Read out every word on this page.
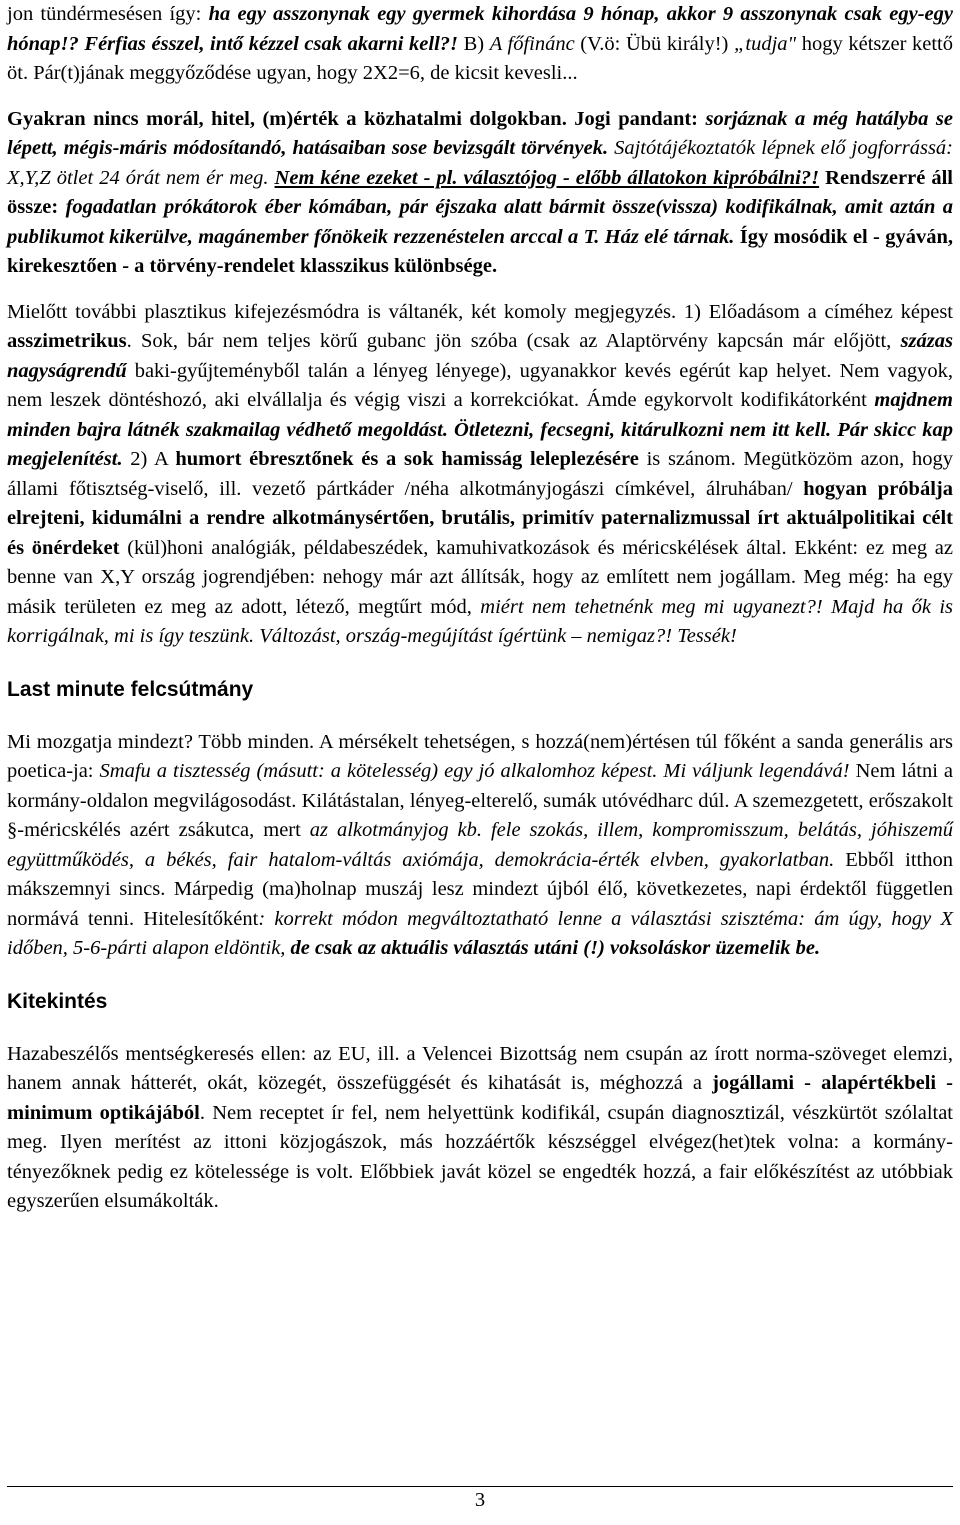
jon tündérmesésen így: ha egy asszonynak egy gyermek kihordása 9 hónap, akkor 9 asszonynak csak egy-egy hónap!? Férfias ésszel, intő kézzel csak akarni kell?! B) A főfinánc (V.ö: Übü király!) „tudja" hogy kétszer kettő öt. Pár(t)jának meggyőződése ugyan, hogy 2X2=6, de kicsit kevesli...

Gyakran nincs morál, hitel, (m)érték a közhatalmi dolgokban. Jogi pandant: sorjáznak a még hatályba se lépett, mégis-máris módosítandó, hatásaiban sose bevizsgált törvények. Sajtótájékoztatók lépnek elő jogforrássá: X,Y,Z ötlet 24 órát nem ér meg. Nem kéne ezeket - pl. választójog - előbb állatokon kipróbálni?! Rendszerré áll össze: fogadatlan prókátorok éber kómában, pár éjszaka alatt bármit össze(vissza) kodifikálnak, amit aztán a publikumot kikerülve, magánember főnökeik rezzenéstelen arccal a T. Ház elé tárnak. Így mosódik el - gyáván, kirekesztően - a törvény-rendelet klasszikus különbsége.

Mielőtt további plasztikus kifejezésmódra is váltanék, két komoly megjegyzés. 1) Előadásom a címéhez képest asszimetrikus. Sok, bár nem teljes körű gubanc jön szóba (csak az Alaptörvény kapcsán már előjött, százas nagyságrendű baki-gyűjteményből talán a lényeg lényege), ugyanakkor kevés egérút kap helyet. Nem vagyok, nem leszek döntéshozó, aki elvállalja és végig viszi a korrekciókat. Ámde egykorvolt kodifikátorként majdnem minden bajra látnék szakmailag védhető megoldást. Ötletezni, fecsegni, kitárulkozni nem itt kell. Pár skicc kap megjelenítést. 2) A humort ébresztőnek és a sok hamisság leleplezésére is szánom. Megütközöm azon, hogy állami főtisztség-viselő, ill. vezető pártkáder /néha alkotmányjogászi címkével, álruhában/ hogyan próbálja elrejteni, kidumálni a rendre alkotmánysértően, brutális, primitív paternalizmussal írt aktuálpolitikai célt és önérdeket (kül)honi analógiák, példabeszédek, kamuhivatkozások és méricskélések által. Ekként: ez meg az benne van X,Y ország jogrendjében: nehogy már azt állítsák, hogy az említett nem jogállam. Meg még: ha egy másik területen ez meg az adott, létező, megtűrt mód, miért nem tehetnénk meg mi ugyanezt?! Majd ha ők is korrigálnak, mi is így teszünk. Változást, ország-megújítást ígértünk – nemigaz?! Tessék!

Last minute felcsútmány

Mi mozgatja mindezt? Több minden. A mérsékelt tehetségen, s hozzá(nem)értésen túl főként a sanda generális ars poetica-ja: Smafu a tisztesség (másutt: a kötelesség) egy jó alkalomhoz képest. Mi váljunk legendává! Nem látni a kormány-oldalon megvilágosodást. Kilátástalan, lényeg-elterelő, sumák utóvédharc dúl. A szemezgetett, erőszakolt §-méricskélés azért zsákutca, mert az alkotmányjog kb. fele szokás, illem, kompromisszum, belátás, jóhiszemű együttműködés, a békés, fair hatalom-váltás axiómája, demokrácia-érték elvben, gyakorlatban. Ebből itthon mákszemnyi sincs. Márpedig (ma)holnap muszáj lesz mindezt újból élő, következetes, napi érdektől független normává tenni. Hitelesítőként: korrekt módon megváltoztatható lenne a választási szisztéma: ám úgy, hogy X időben, 5-6-párti alapon eldöntik, de csak az aktuális választás utáni (!) voksoláskor üzemelik be.

Kitekintés

Hazabeszélős mentségkeresés ellen: az EU, ill. a Velencei Bizottság nem csupán az írott norma-szöveget elemzi, hanem annak hátterét, okát, közegét, összefüggését és kihatását is, méghozzá a jogállami - alapértékbeli - minimum optikájából. Nem receptet ír fel, nem helyettünk kodifikál, csupán diagnosztizál, vészkürtöt szólaltat meg. Ilyen merítést az ittoni közjogászok, más hozzáértők készséggel elvégez(het)tek volna: a kormány-tényezőknek pedig ez kötelessége is volt. Előbbiek javát közel se engedték hozzá, a fair előkészítést az utóbbiak egyszerűen elsumákolták.

3
